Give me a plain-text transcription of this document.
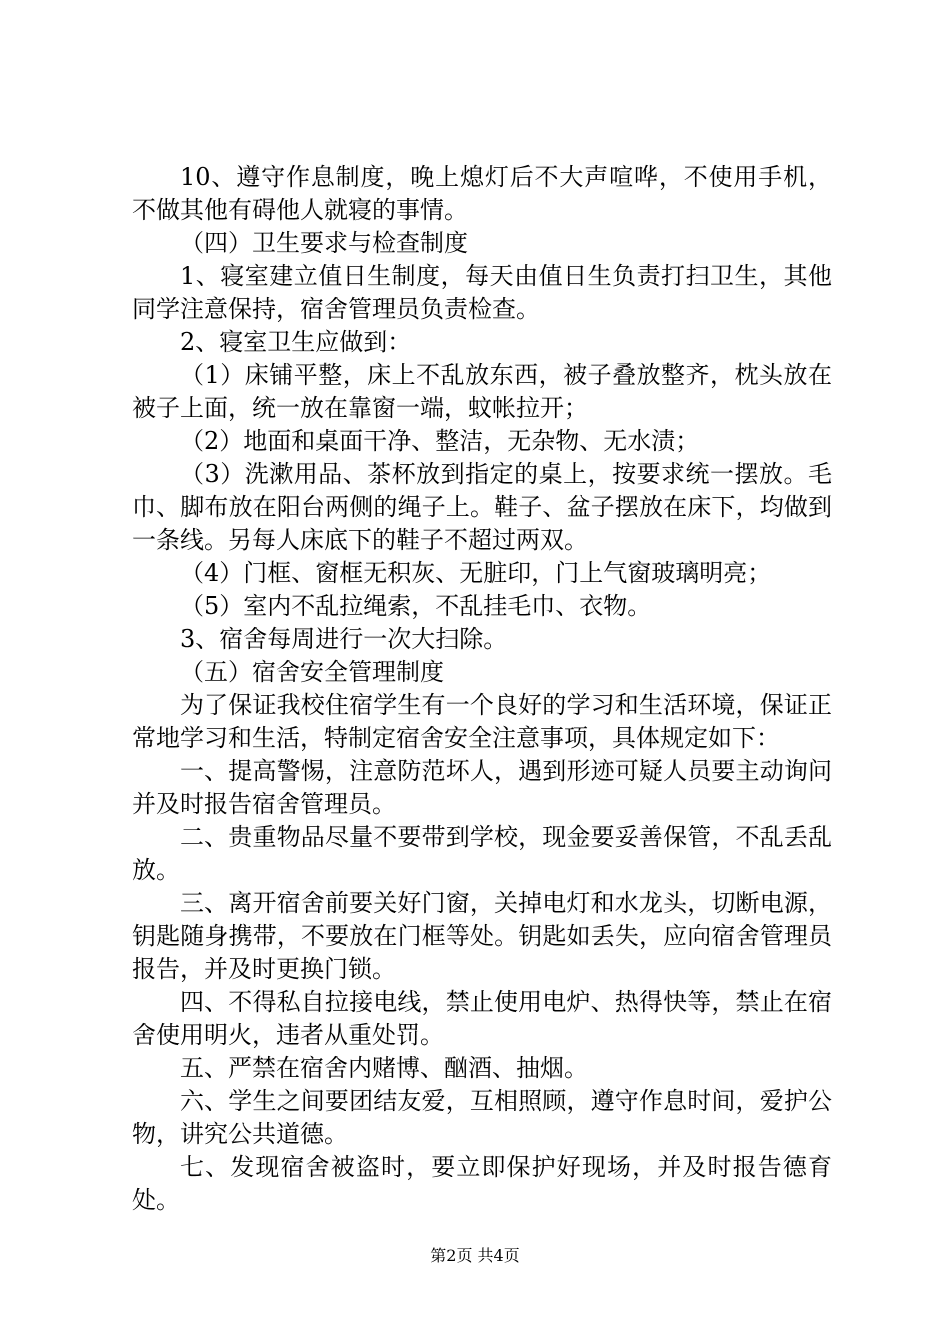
10、遵守作息制度，晚上熄灯后不大声喧哗，不使用手机，不做其他有碍他人就寝的事情。

（四）卫生要求与检查制度

1、寝室建立值日生制度，每天由值日生负责打扫卫生，其他同学注意保持，宿舍管理员负责检查。

2、寝室卫生应做到：

（1）床铺平整，床上不乱放东西，被子叠放整齐，枕头放在被子上面，统一放在靠窗一端，蚊帐拉开；

（2）地面和桌面干净、整洁，无杂物、无水渍；

（3）洗漱用品、茶杯放到指定的桌上，按要求统一摆放。毛巾、脚布放在阳台两侧的绳子上。鞋子、盆子摆放在床下，均做到一条线。另每人床底下的鞋子不超过两双。

（4）门框、窗框无积灰、无脏印，门上气窗玻璃明亮；

（5）室内不乱拉绳索，不乱挂毛巾、衣物。

3、宿舍每周进行一次大扫除。

（五）宿舍安全管理制度

为了保证我校住宿学生有一个良好的学习和生活环境，保证正常地学习和生活，特制定宿舍安全注意事项，具体规定如下：

一、提高警惕，注意防范坏人，遇到形迹可疑人员要主动询问并及时报告宿舍管理员。

二、贵重物品尽量不要带到学校，现金要妥善保管，不乱丢乱放。

三、离开宿舍前要关好门窗，关掉电灯和水龙头，切断电源，钥匙随身携带，不要放在门框等处。钥匙如丢失，应向宿舍管理员报告，并及时更换门锁。

四、不得私自拉接电线，禁止使用电炉、热得快等，禁止在宿舍使用明火，违者从重处罚。

五、严禁在宿舍内赌博、酗酒、抽烟。

六、学生之间要团结友爱，互相照顾，遵守作息时间，爱护公物，讲究公共道德。

七、发现宿舍被盗时，要立即保护好现场，并及时报告德育处。

第2页 共4页
